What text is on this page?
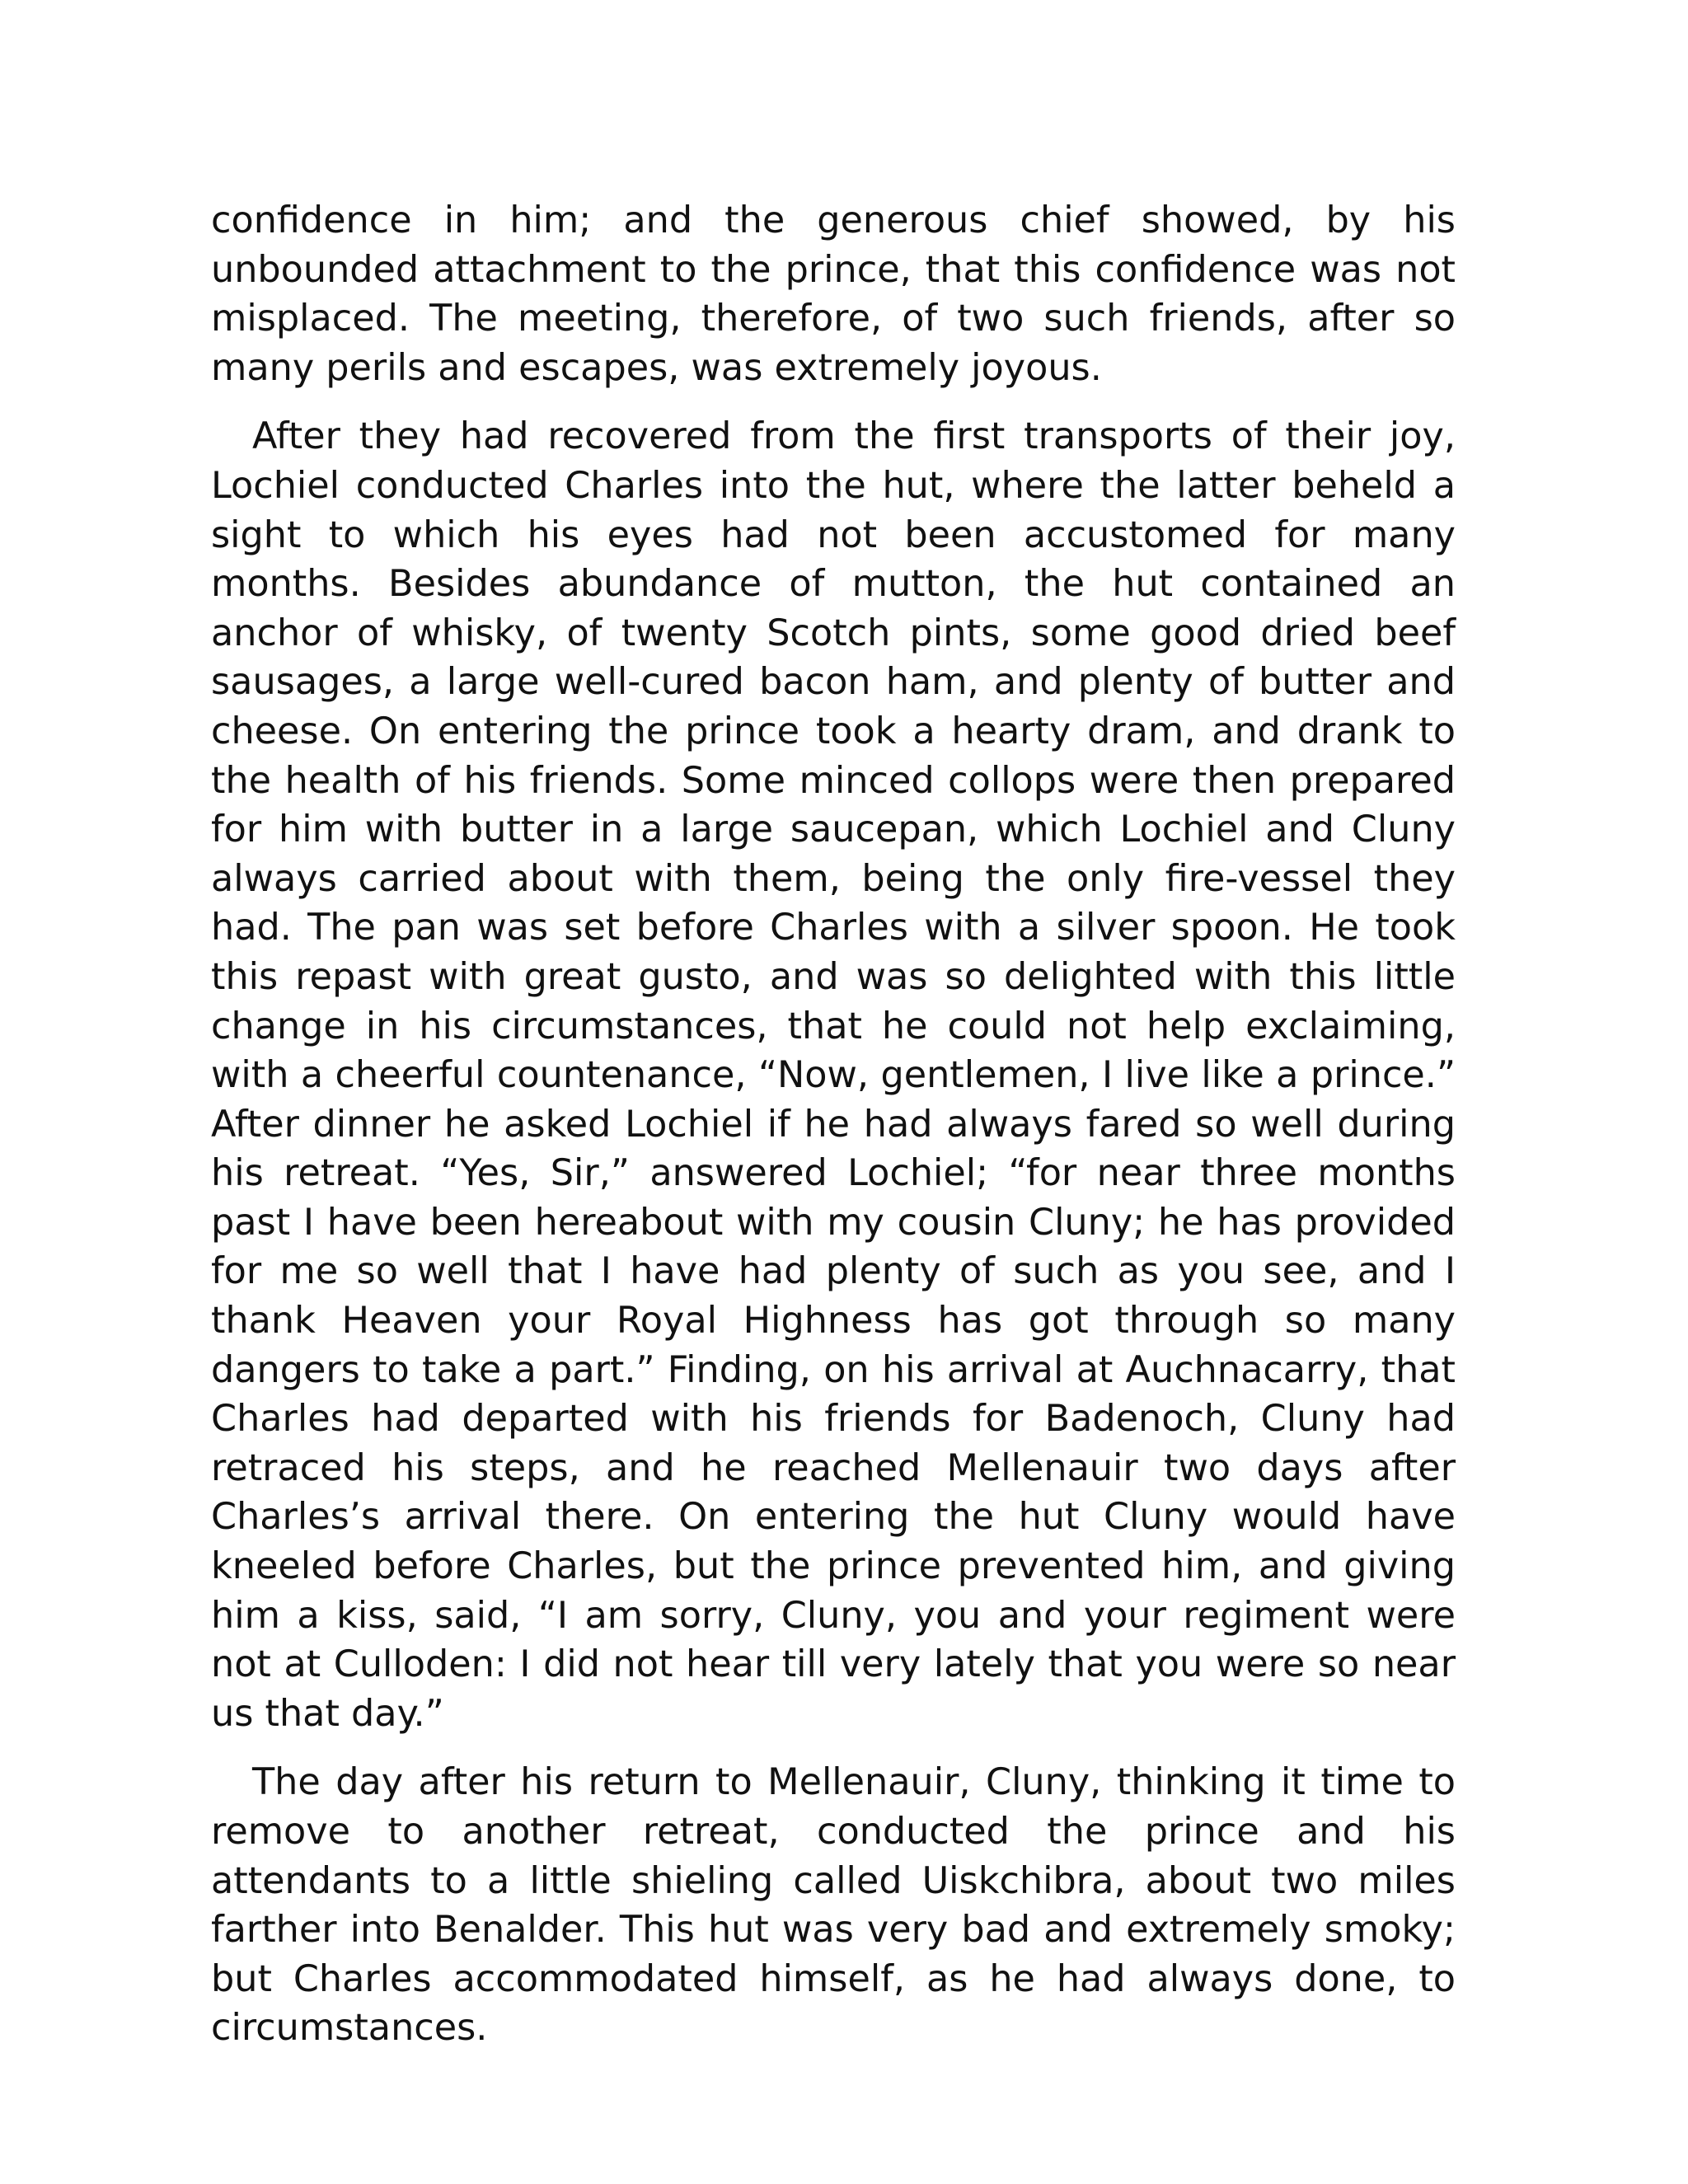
confidence in him; and the generous chief showed, by his unbounded attachment to the prince, that this confidence was not misplaced. The meeting, therefore, of two such friends, after so many perils and escapes, was extremely joyous.

After they had recovered from the first transports of their joy, Lochiel conducted Charles into the hut, where the latter beheld a sight to which his eyes had not been accustomed for many months. Besides abundance of mutton, the hut contained an anchor of whisky, of twenty Scotch pints, some good dried beef sausages, a large well-cured bacon ham, and plenty of butter and cheese. On entering the prince took a hearty dram, and drank to the health of his friends. Some minced collops were then prepared for him with butter in a large saucepan, which Lochiel and Cluny always carried about with them, being the only fire-vessel they had. The pan was set before Charles with a silver spoon. He took this repast with great gusto, and was so delighted with this little change in his circumstances, that he could not help exclaiming, with a cheerful countenance, “Now, gentlemen, I live like a prince.” After dinner he asked Lochiel if he had always fared so well during his retreat. “Yes, Sir,” answered Lochiel; “for near three months past I have been hereabout with my cousin Cluny; he has provided for me so well that I have had plenty of such as you see, and I thank Heaven your Royal Highness has got through so many dangers to take a part.” Finding, on his arrival at Auchnacarry, that Charles had departed with his friends for Badenoch, Cluny had retraced his steps, and he reached Mellenauir two days after Charles’s arrival there. On entering the hut Cluny would have kneeled before Charles, but the prince prevented him, and giving him a kiss, said, “I am sorry, Cluny, you and your regiment were not at Culloden: I did not hear till very lately that you were so near us that day.”

The day after his return to Mellenauir, Cluny, thinking it time to remove to another retreat, conducted the prince and his attendants to a little shieling called Uiskchibra, about two miles farther into Benalder. This hut was very bad and extremely smoky; but Charles accommodated himself, as he had always done, to circumstances.
